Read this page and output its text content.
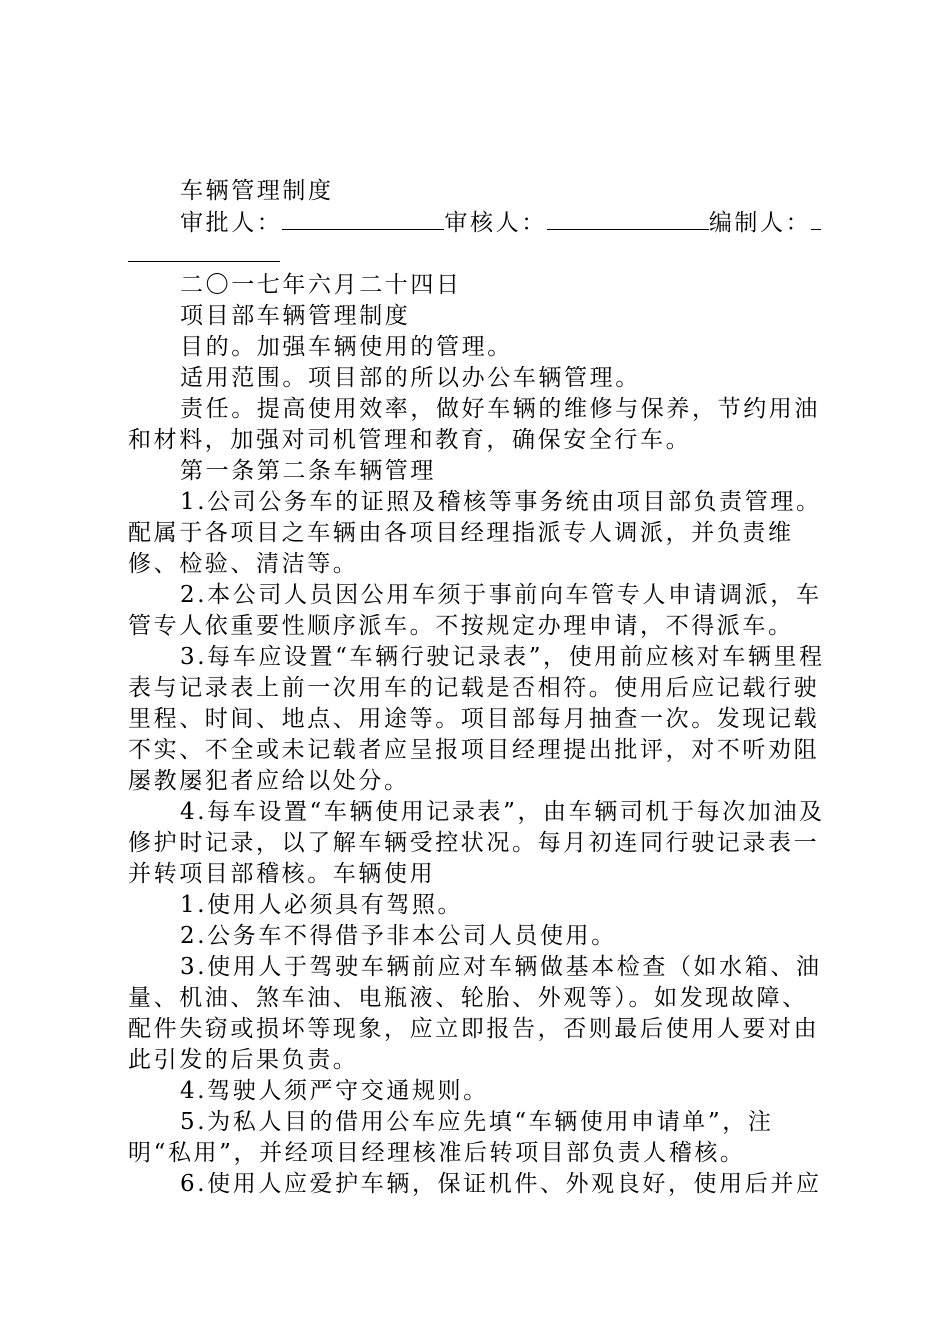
车辆管理制度

审批人：	审核人：	编制人：

二〇一七年六月二十四日

项目部车辆管理制度

目的。加强车辆使用的管理。

适用范围。项目部的所以办公车辆管理。

责任。提高使用效率，做好车辆的维修与保养，节约用油和材料，加强对司机管理和教育，确保安全行车。

第一条第二条车辆管理

1.公司公务车的证照及稽核等事务统由项目部负责管理。配属于各项目之车辆由各项目经理指派专人调派，并负责维修、检验、清洁等。

2.本公司人员因公用车须于事前向车管专人申请调派，车管专人依重要性顺序派车。不按规定办理申请，不得派车。

3.每车应设置“车辆行驶记录表”，使用前应核对车辆里程表与记录表上前一次用车的记载是否相符。使用后应记载行驶里程、时间、地点、用途等。项目部每月抽查一次。发现记载不实、不全或未记载者应呈报项目经理提出批评，对不听劝阻屡教屡犯者应给以处分。

4.每车设置“车辆使用记录表”，由车辆司机于每次加油及修护时记录，以了解车辆受控状况。每月初连同行驶记录表一并转项目部稽核。车辆使用

1.使用人必须具有驾照。

2.公务车不得借予非本公司人员使用。

3.使用人于驾驶车辆前应对车辆做基本检查（如水箱、油量、机油、煞车油、电瓶液、轮胎、外观等）。如发现故障、配件失窃或损坏等现象，应立即报告，否则最后使用人要对由此引发的后果负责。

4.驾驶人须严守交通规则。

5.为私人目的借用公车应先填“车辆使用申请单”，注明“私用”，并经项目经理核准后转项目部负责人稽核。

6.使用人应爱护车辆，保证机件、外观良好，使用后并应
